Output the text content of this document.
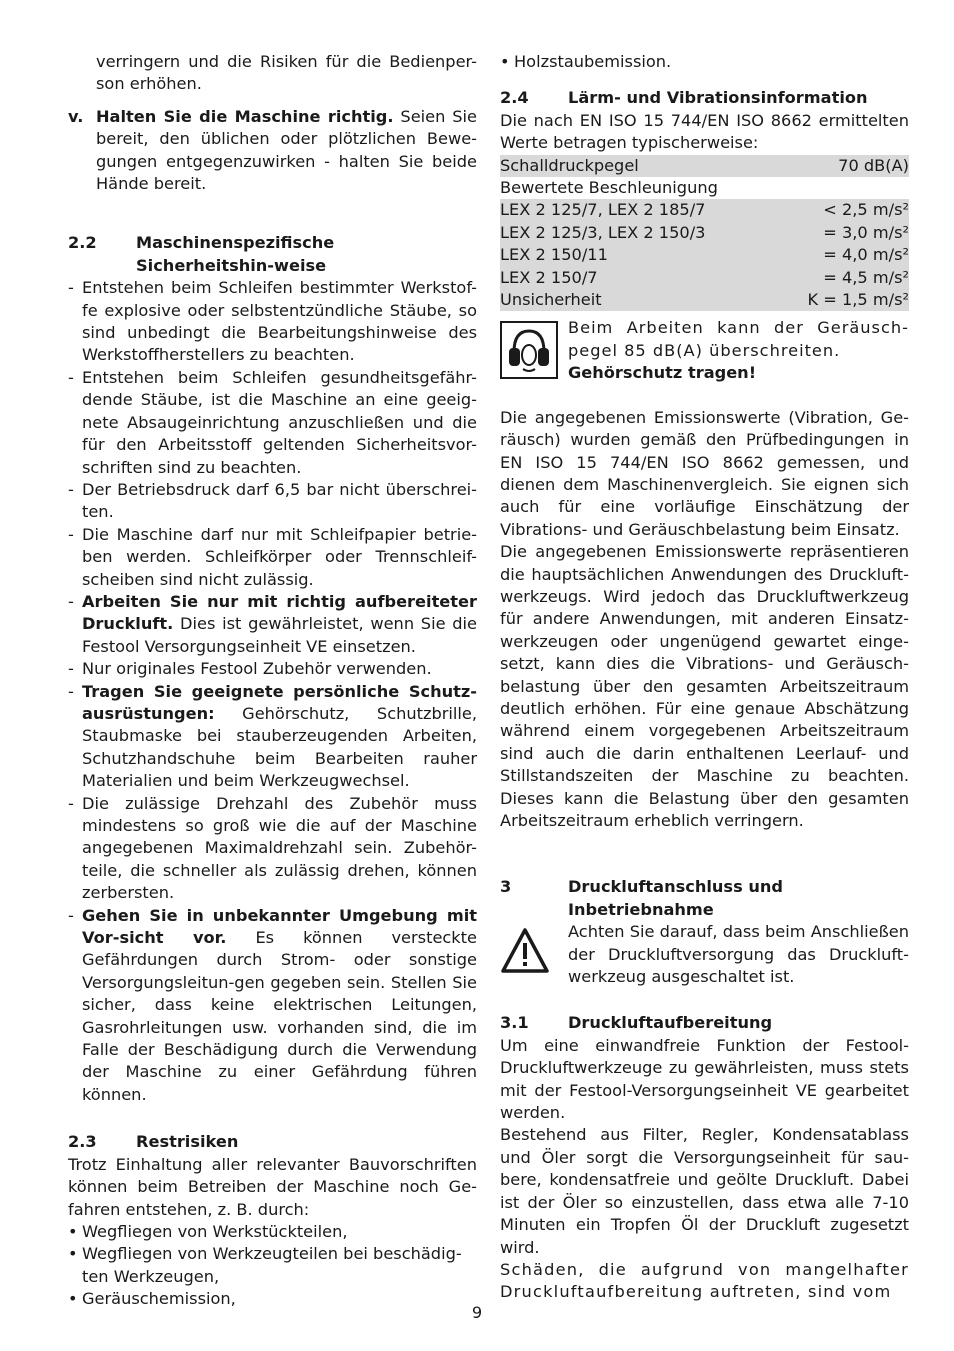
verringern und die Risiken für die Bedienper-son erhöhen.

v. Halten Sie die Maschine richtig. Seien Sie bereit, den üblichen oder plötzlichen Bewe-gungen entgegenzuwirken - halten Sie beide Hände bereit.
2.2	Maschinenspezifische Sicherheitshin-weise
- Entstehen beim Schleifen bestimmter Werkstof-fe explosive oder selbstentzündliche Stäube, so sind unbedingt die Bearbeitungshinweise des Werkstoffherstellers zu beachten.
- Entstehen beim Schleifen gesundheitsgefähr-dende Stäube, ist die Maschine an eine geeig-nete Absaugeinrichtung anzuschließen und die für den Arbeitsstoff geltenden Sicherheitsvor-schriften sind zu beachten.
- Der Betriebsdruck darf 6,5 bar nicht überschrei-ten.
- Die Maschine darf nur mit Schleifpapier betrie-ben werden. Schleifkörper oder Trennschleif-scheiben sind nicht zulässig.
- Arbeiten Sie nur mit richtig aufbereiteter Druckluft. Dies ist gewährleistet, wenn Sie die Festool Versorgungseinheit VE einsetzen.
- Nur originales Festool Zubehör verwenden.
- Tragen Sie geeignete persönliche Schutz-ausrüstungen: Gehörschutz, Schutzbrille, Staubmaske bei stauberzeugenden Arbeiten, Schutzhandschuhe beim Bearbeiten rauher Materialien und beim Werkzeugwechsel.
- Die zulässige Drehzahl des Zubehör muss mindestens so groß wie die auf der Maschine angegebenen Maximaldrehzahl sein. Zubehör-teile, die schneller als zulässig drehen, können zerbersten.
- Gehen Sie in unbekannter Umgebung mit Vor-sicht vor. Es können versteckte Gefährdungen durch Strom- oder sonstige Versorgungsleitun-gen gegeben sein. Stellen Sie sicher, dass keine elektrischen Leitungen, Gasrohrleitungen usw. vorhanden sind, die im Falle der Beschädigung durch die Verwendung der Maschine zu einer Gefährdung führen können.
2.3	Restrisiken

Trotz Einhaltung aller relevanter Bauvorschriften können beim Betreiben der Maschine noch Ge-fahren entstehen, z. B. durch:

• Wegfliegen von Werkstückteilen,
• Wegfliegen von Werkzeugteilen bei beschädig-ten Werkzeugen,
• Geräuschemission,
• Holzstaubemission.
2.4	Lärm- und Vibrationsinformation

Die nach EN ISO 15 744/EN ISO 8662 ermittelten Werte betragen typischerweise:

Schalldruckpegel	70 dB(A)
Bewertete Beschleunigung	
LEX 2 125/7, LEX 2 185/7	< 2,5 m/s²
LEX 2 125/3, LEX 2 150/3	= 3,0 m/s²
LEX 2 150/11	= 4,0 m/s²
LEX 2 150/7	= 4,5 m/s²
Unsicherheit	K = 1,5 m/s²

Beim Arbeiten kann der Geräusch-pegel 85 dB(A) überschreiten.

Gehörschutz tragen!

Die angegebenen Emissionswerte (Vibration, Ge-räusch) wurden gemäß den Prüfbedingungen in EN ISO 15 744/EN ISO 8662 gemessen, und dienen dem Maschinenvergleich. Sie eignen sich auch für eine vorläufige Einschätzung der Vibrations- und Geräuschbelastung beim Einsatz.

Die angegebenen Emissionswerte repräsentieren die hauptsächlichen Anwendungen des Druckluft-werkzeugs. Wird jedoch das Druckluftwerkzeug für andere Anwendungen, mit anderen Einsatz-werkzeugen oder ungenügend gewartet einge-setzt, kann dies die Vibrations- und Geräusch-belastung über den gesamten Arbeitszeitraum deutlich erhöhen. Für eine genaue Abschätzung während einem vorgegebenen Arbeitszeitraum sind auch die darin enthaltenen Leerlauf- und Stillstandszeiten der Maschine zu beachten. Dieses kann die Belastung über den gesamten Arbeitszeitraum erheblich verringern.

3	Druckluftanschluss und Inbetriebnahme

Achten Sie darauf, dass beim Anschließen der Druckluftversorgung das Druckluft-werkzeug ausgeschaltet ist.

3.1	Druckluftaufbereitung

Um eine einwandfreie Funktion der Festool-Druckluftwerkzeuge zu gewährleisten, muss stets mit der Festool-Versorgungseinheit VE gearbeitet werden.

Bestehend aus Filter, Regler, Kondensatablass und Öler sorgt die Versorgungseinheit für sau-bere, kondensatfreie und geölte Druckluft. Dabei ist der Öler so einzustellen, dass etwa alle 7-10 Minuten ein Tropfen Öl der Druckluft zugesetzt wird.

Schäden, die aufgrund von mangelhafter Druckluftaufbereitung auftreten, sind vom

9
